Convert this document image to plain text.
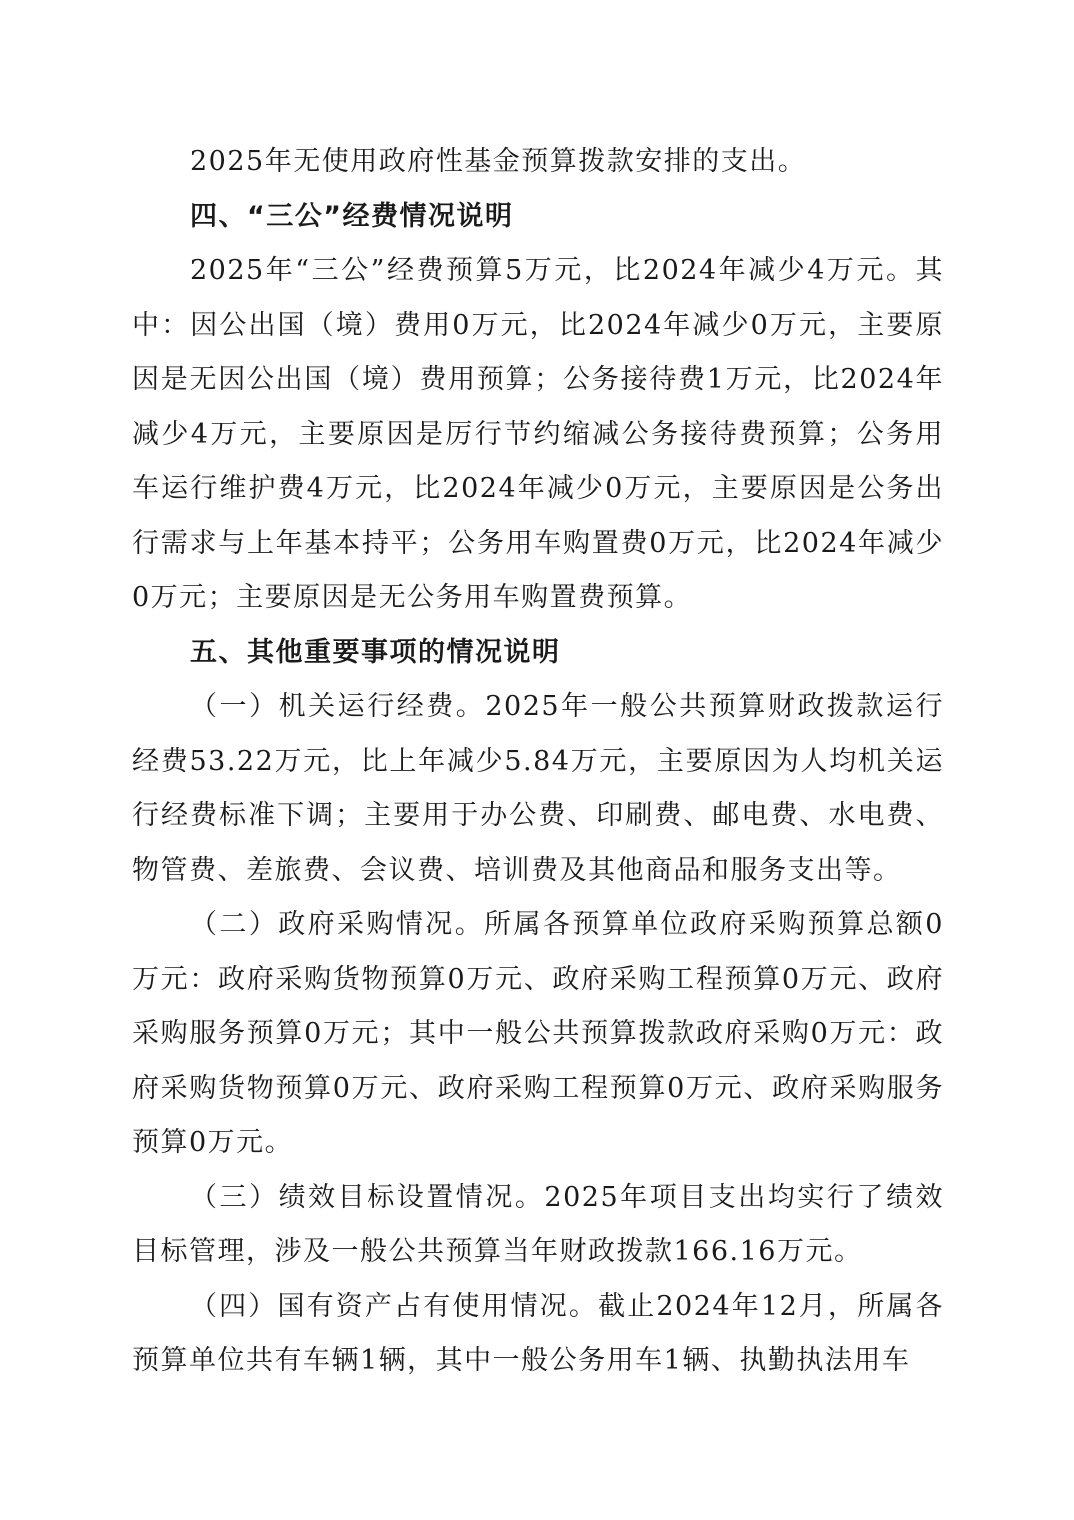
2025年无使用政府性基金预算拨款安排的支出。

四、“三公”经费情况说明

2025年“三公”经费预算5万元，比2024年减少4万元。其中：因公出国（境）费用0万元，比2024年减少0万元，主要原因是无因公出国（境）费用预算；公务接待费1万元，比2024年减少4万元，主要原因是厉行节约缩减公务接待费预算；公务用车运行维护费4万元，比2024年减少0万元，主要原因是公务出行需求与上年基本持平；公务用车购置费0万元，比2024年减少0万元；主要原因是无公务用车购置费预算。

五、其他重要事项的情况说明

（一）机关运行经费。2025年一般公共预算财政拨款运行经费53.22万元，比上年减少5.84万元，主要原因为人均机关运行经费标准下调；主要用于办公费、印刷费、邮电费、水电费、物管费、差旅费、会议费、培训费及其他商品和服务支出等。

（二）政府采购情况。所属各预算单位政府采购预算总额0万元：政府采购货物预算0万元、政府采购工程预算0万元、政府采购服务预算0万元；其中一般公共预算拨款政府采购0万元：政府采购货物预算0万元、政府采购工程预算0万元、政府采购服务预算0万元。

（三）绩效目标设置情况。2025年项目支出均实行了绩效目标管理，涉及一般公共预算当年财政拨款166.16万元。

（四）国有资产占有使用情况。截止2024年12月，所属各预算单位共有车辆1辆，其中一般公务用车1辆、执勤执法用车
